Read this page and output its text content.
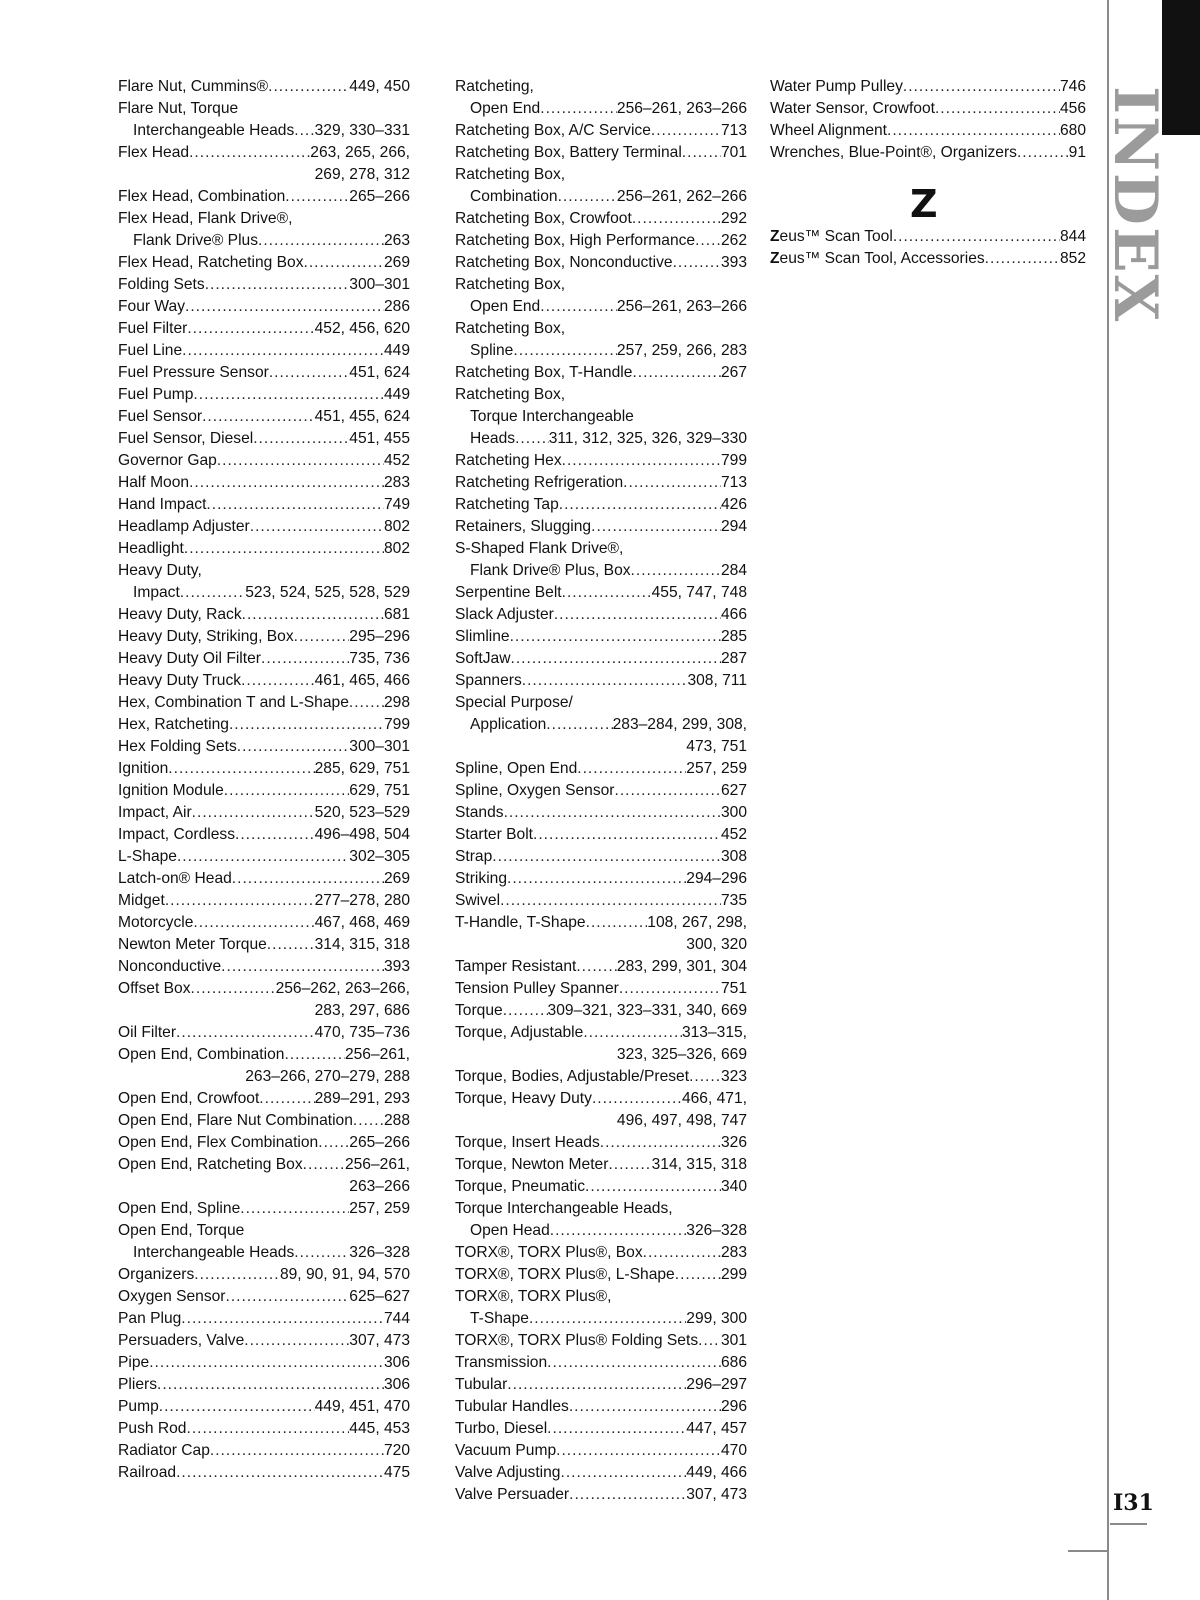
Flare Nut, Cummins® .....	449, 450
Flare Nut, Torque
Interchangeable Heads ..... 329, 330–331
Flex Head .....	263, 265, 266,
269, 278, 312
Flex Head, Combination .....	265–266
Flex Head, Flank Drive®,
Flank Drive® Plus .....	263
Flex Head, Ratcheting Box .....	269
Folding Sets .....	300–301
Four Way .....	286
Fuel Filter .....	452, 456, 620
Fuel Line .....	449
Fuel Pressure Sensor .....	451, 624
Fuel Pump .....	449
Fuel Sensor .....	451, 455, 624
Fuel Sensor, Diesel .....	451, 455
Governor Gap .....	452
Half Moon .....	283
Hand Impact .....	749
Headlamp Adjuster .....	802
Headlight .....	802
Heavy Duty,
Impact .....	523, 524, 525, 528, 529
Heavy Duty, Rack .....	681
Heavy Duty, Striking, Box .....	295–296
Heavy Duty Oil Filter .....	735, 736
Heavy Duty Truck .....	461, 465, 466
Hex, Combination T and L-Shape ..... 298
Hex, Ratcheting .....	799
Hex Folding Sets .....	300–301
Ignition .....	285, 629, 751
Ignition Module .....	629, 751
Impact, Air .....	520, 523–529
Impact, Cordless .....	496–498, 504
L-Shape .....	302–305
Latch-on® Head .....	269
Midget .....	277–278, 280
Motorcycle .....	467, 468, 469
Newton Meter Torque .....	314, 315, 318
Nonconductive .....	393
Offset Box .....	256–262, 263–266,
283, 297, 686
Oil Filter .....	470, 735–736
Open End, Combination .....	256–261,
263–266, 270–279, 288
Open End, Crowfoot .....	289–291, 293
Open End, Flare Nut Combination ..... 288
Open End, Flex Combination ..... 265–266
Open End, Ratcheting Box .....	256–261,
263–266
Open End, Spline .....	257, 259
Open End, Torque
Interchangeable Heads .....	326–328
Organizers .....	89, 90, 91, 94, 570
Oxygen Sensor .....	625–627
Pan Plug .....	744
Persuaders, Valve .....	307, 473
Pipe .....	306
Pliers .....	306
Pump .....	449, 451, 470
Push Rod .....	445, 453
Radiator Cap .....	720
Railroad .....	475
Ratcheting,
Open End .....	256–261, 263–266
Ratcheting Box, A/C Service .....	713
Ratcheting Box, Battery Terminal .....	701
Ratcheting Box,
Combination .....	256–261, 262–266
Ratcheting Box, Crowfoot .....	292
Ratcheting Box, High Performance ..... 262
Ratcheting Box, Nonconductive .....	393
Ratcheting Box,
Open End .....	256–261, 263–266
Ratcheting Box,
Spline .....	257, 259, 266, 283
Ratcheting Box, T-Handle .....	267
Ratcheting Box,
Torque Interchangeable
Heads ..... 311, 312, 325, 326, 329–330
Ratcheting Hex .....	799
Ratcheting Refrigeration .....	713
Ratcheting Tap .....	426
Retainers, Slugging .....	294
S-Shaped Flank Drive®,
Flank Drive® Plus, Box .....	284
Serpentine Belt .....	455, 747, 748
Slack Adjuster .....	466
Slimline .....	285
SoftJaw .....	287
Spanners .....	308, 711
Special Purpose/
Application .....	283–284, 299, 308,
473, 751
Spline, Open End .....	257, 259
Spline, Oxygen Sensor .....	627
Stands .....	300
Starter Bolt .....	452
Strap .....	308
Striking .....	294–296
Swivel .....	735
T-Handle, T-Shape .....	108, 267, 298,
300, 320
Tamper Resistant .....	283, 299, 301, 304
Tension Pulley Spanner .....	751
Torque .....	309–321, 323–331, 340, 669
Torque, Adjustable .....	313–315,
323, 325–326, 669
Torque, Bodies, Adjustable/Preset ..... 323
Torque, Heavy Duty .....	466, 471,
496, 497, 498, 747
Torque, Insert Heads .....	326
Torque, Newton Meter .....	314, 315, 318
Torque, Pneumatic .....	340
Torque Interchangeable Heads,
Open Head .....	326–328
TORX®, TORX Plus®, Box .....	283
TORX®, TORX Plus®, L-Shape .....	299
TORX®, TORX Plus®,
T-Shape .....	299, 300
TORX®, TORX Plus® Folding Sets ..... 301
Transmission .....	686
Tubular .....	296–297
Tubular Handles .....	296
Turbo, Diesel .....	447, 457
Vacuum Pump .....	470
Valve Adjusting .....	449, 466
Valve Persuader .....	307, 473
Water Pump Pulley .....	746
Water Sensor, Crowfoot .....	456
Wheel Alignment .....	680
Wrenches, Blue-Point®, Organizers .....	91
Z
Zeus™ Scan Tool .....	844
Zeus™ Scan Tool, Accessories .....	852 INDEX
I31
